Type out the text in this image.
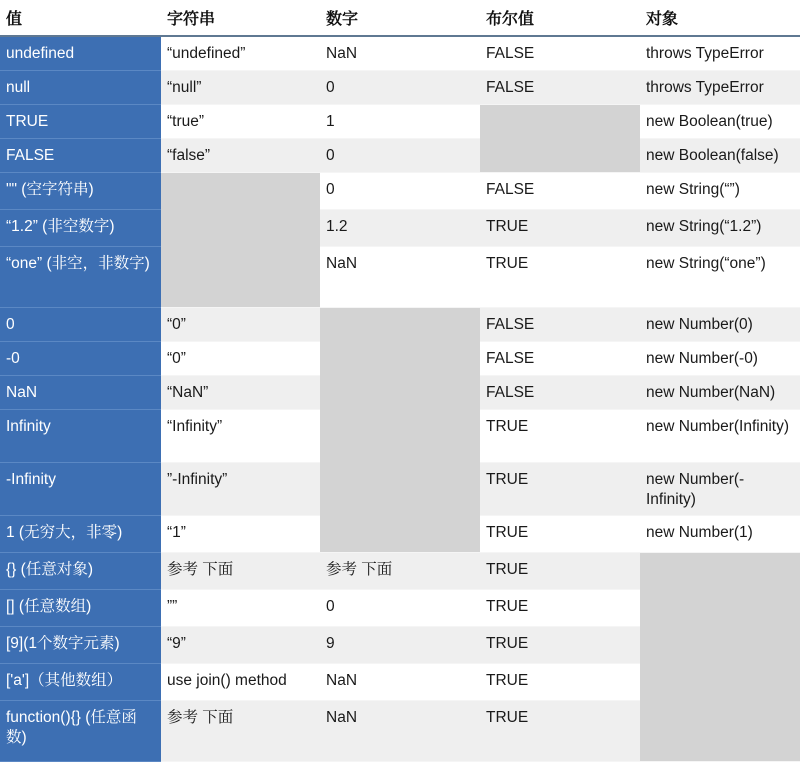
值	字符串	数字	布尔值	对象
undefined	“undefined”	NaN	FALSE	throws TypeError
null	“null”	0	FALSE	throws TypeError
TRUE	“true”	1		new Boolean(true)
FALSE	“false”	0		new Boolean(false)
"" (空字符串)		0	FALSE	new String(“”)
“1.2” (非空数字)		1.2	TRUE	new String(“1.2”)
“one” (非空，非数字)		NaN	TRUE	new String(“one”)
0	“0”		FALSE	new Number(0)
-0	“0”		FALSE	new Number(-0)
NaN	“NaN”		FALSE	new Number(NaN)
Infinity	“Infinity”		TRUE	new Number(Infinity)
-Infinity	”-Infinity”		TRUE	new Number(-Infinity)
1 (无穷大，非零)	“1”		TRUE	new Number(1)
{} (任意对象)	参考 下面	参考 下面	TRUE	
[] (任意数组)	””	0	TRUE	
[9](1个数字元素)	“9”	9	TRUE	
['a']（其他数组）	use join() method	NaN	TRUE	
function(){} (任意函数)	参考 下面	NaN	TRUE	
